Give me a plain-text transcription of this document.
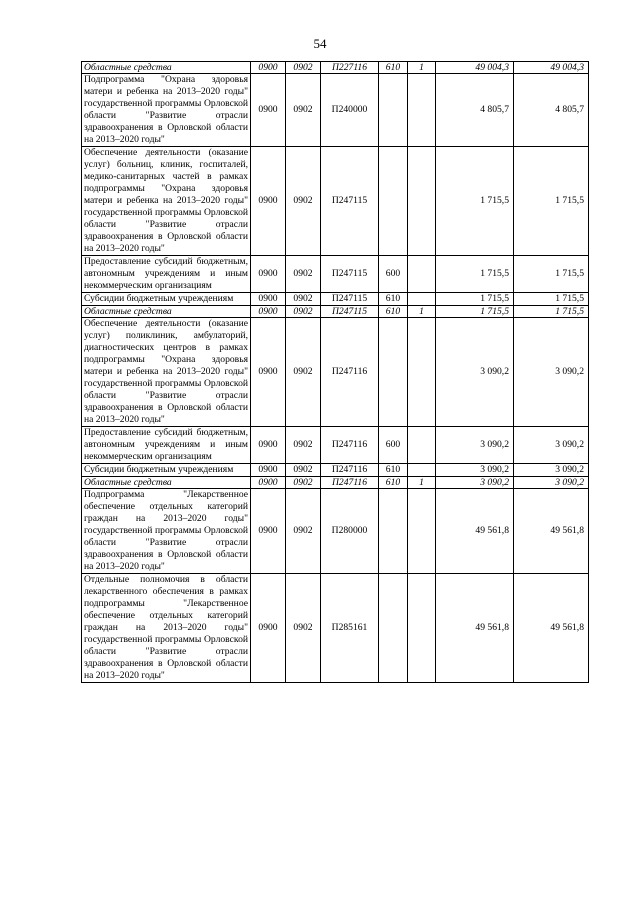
54
Областные средства	0900	0902	П227116	610	1	49 004,3	49 004,3
Подпрограмма "Охрана здоровья матери и ребенка на 2013–2020 годы" государственной программы Орловской области "Развитие отрасли здравоохранения в Орловской области на 2013–2020 годы"	0900	0902	П240000			4 805,7	4 805,7
Обеспечение деятельности (оказание услуг) больниц, клиник, госпиталей, медико-санитарных частей в рамках подпрограммы "Охрана здоровья матери и ребенка на 2013–2020 годы" государственной программы Орловской области "Развитие отрасли здравоохранения в Орловской области на 2013–2020 годы"	0900	0902	П247115			1 715,5	1 715,5
Предоставление субсидий бюджетным, автономным учреждениям и иным некоммерческим организациям	0900	0902	П247115	600		1 715,5	1 715,5
Субсидии бюджетным учреждениям	0900	0902	П247115	610		1 715,5	1 715,5
Областные средства	0900	0902	П247115	610	1	1 715,5	1 715,5
Обеспечение деятельности (оказание услуг) поликлиник, амбулаторий, диагностических центров в рамках подпрограммы "Охрана здоровья матери и ребенка на 2013–2020 годы" государственной программы Орловской области "Развитие отрасли здравоохранения в Орловской области на 2013–2020 годы"	0900	0902	П247116			3 090,2	3 090,2
Предоставление субсидий бюджетным, автономным учреждениям и иным некоммерческим организациям	0900	0902	П247116	600		3 090,2	3 090,2
Субсидии бюджетным учреждениям	0900	0902	П247116	610		3 090,2	3 090,2
Областные средства	0900	0902	П247116	610	1	3 090,2	3 090,2
Подпрограмма "Лекарственное обеспечение отдельных категорий граждан на 2013–2020 годы" государственной программы Орловской области "Развитие отрасли здравоохранения в Орловской области на 2013–2020 годы"	0900	0902	П280000			49 561,8	49 561,8
Отдельные полномочия в области лекарственного обеспечения в рамках подпрограммы "Лекарственное обеспечение отдельных категорий граждан на 2013–2020 годы" государственной программы Орловской области "Развитие отрасли здравоохранения в Орловской области на 2013–2020 годы"	0900	0902	П285161			49 561,8	49 561,8
